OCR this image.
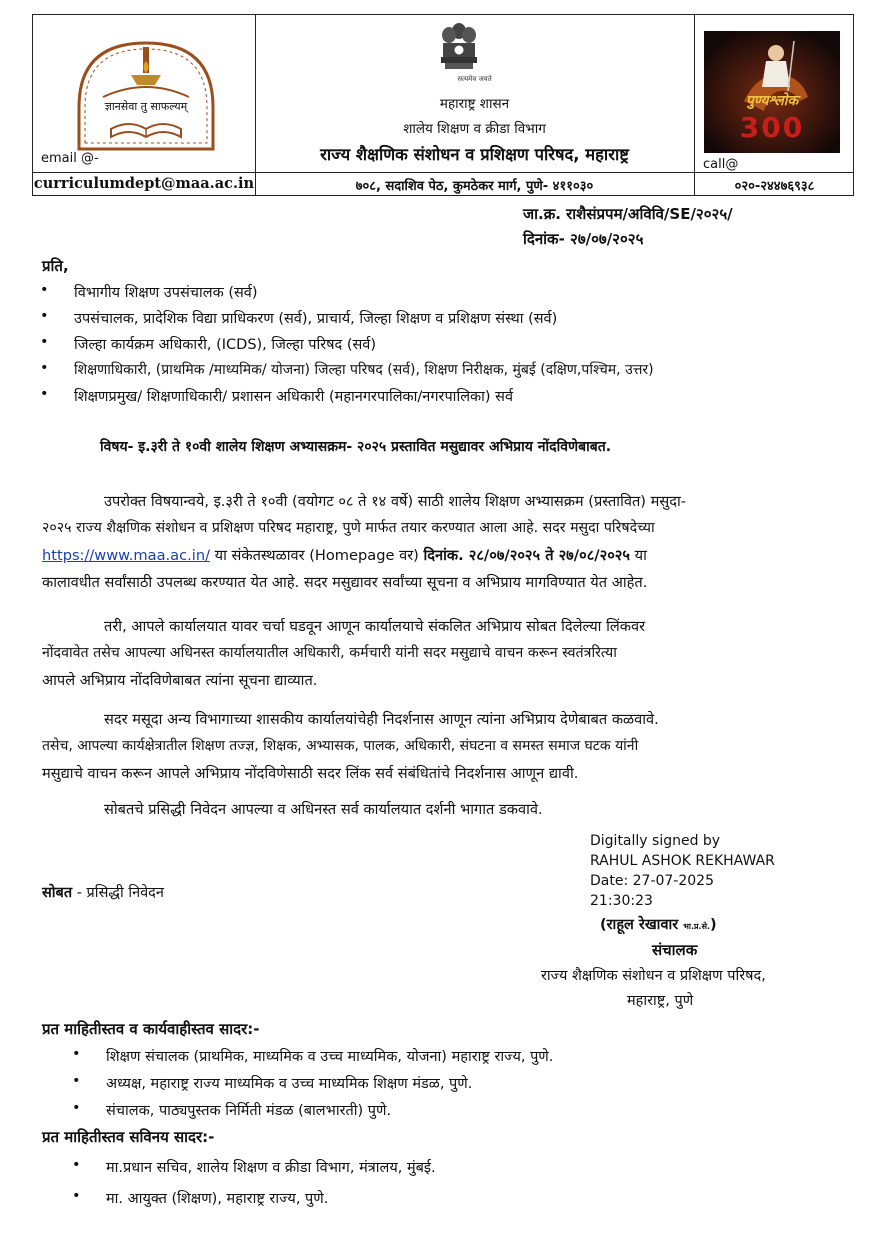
ज्ञानसेवा तु साफल्यम्
email @-
सत्यमेव जयते
महाराष्ट्र शासन
शालेय शिक्षण व क्रीडा विभाग
राज्य शैक्षणिक संशोधन व प्रशिक्षण परिषद, महाराष्ट्र
पुण्यश्लोक
300
call@
curriculumdept@maa.ac.in	७०८, सदाशिव पेठ, कुमठेकर मार्ग, पुणे- ४११०३०	०२०-२४४७६९३८
जा.क्र. राशैसंप्रपम/अविवि/SE/२०२५/
दिनांक- २७/०७/२०२५
प्रति,
• विभागीय शिक्षण उपसंचालक (सर्व)
• उपसंचालक, प्रादेशिक विद्या प्राधिकरण (सर्व), प्राचार्य, जिल्हा शिक्षण व प्रशिक्षण संस्था (सर्व)
• जिल्हा कार्यक्रम अधिकारी, (ICDS), जिल्हा परिषद (सर्व)
• शिक्षणाधिकारी, (प्राथमिक /माध्यमिक/ योजना) जिल्हा परिषद (सर्व), शिक्षण निरीक्षक, मुंबई (दक्षिण,पश्चिम, उत्तर)
• शिक्षणप्रमुख/ शिक्षणाधिकारी/ प्रशासन अधिकारी (महानगरपालिका/नगरपालिका) सर्व
विषय- इ.३री ते १०वी शालेय शिक्षण अभ्यासक्रम- २०२५ प्रस्तावित मसुद्यावर अभिप्राय नोंदविणेबाबत.
उपरोक्त विषयान्वये, इ.३री ते १०वी (वयोगट ०८ ते १४ वर्षे) साठी शालेय शिक्षण अभ्यासक्रम (प्रस्तावित) मसुदा-
२०२५ राज्य शैक्षणिक संशोधन व प्रशिक्षण परिषद महाराष्ट्र, पुणे मार्फत तयार करण्यात आला आहे. सदर मसुदा परिषदेच्या
https://www.maa.ac.in/ या संकेतस्थळावर (Homepage वर) दिनांक. २८/०७/२०२५ ते २७/०८/२०२५ या
कालावधीत सर्वांसाठी उपलब्ध करण्यात येत आहे. सदर मसुद्यावर सर्वांच्या सूचना व अभिप्राय मागविण्यात येत आहेत.
तरी, आपले कार्यालयात यावर चर्चा घडवून आणून कार्यालयाचे संकलित अभिप्राय सोबत दिलेल्या लिंकवर
नोंदवावेत तसेच आपल्या अधिनस्त कार्यालयातील अधिकारी, कर्मचारी यांनी सदर मसुद्याचे वाचन करून स्वतंत्ररित्या
आपले अभिप्राय नोंदविणेबाबत त्यांना सूचना द्याव्यात.
सदर मसूदा अन्य विभागाच्या शासकीय कार्यालयांचेही निदर्शनास आणून त्यांना अभिप्राय देणेबाबत कळवावे.
तसेच, आपल्या कार्यक्षेत्रातील शिक्षण तज्ज्ञ, शिक्षक, अभ्यासक, पालक, अधिकारी, संघटना व समस्त समाज घटक यांनी
मसुद्याचे वाचन करून आपले अभिप्राय नोंदविणेसाठी सदर लिंक सर्व संबंधितांचे निदर्शनास आणून द्यावी.
सोबतचे प्रसिद्धी निवेदन आपल्या व अधिनस्त सर्व कार्यालयात दर्शनी भागात डकवावे.
Digitally signed by
RAHUL ASHOK REKHAWAR
Date: 27-07-2025
21:30:23
सोबत - प्रसिद्धी निवेदन
(राहूल रेखावार भा.प्र.से.)
संचालक
राज्य शैक्षणिक संशोधन व प्रशिक्षण परिषद,
महाराष्ट्र, पुणे
प्रत माहितीस्तव व कार्यवाहीस्तव सादर:-
• शिक्षण संचालक (प्राथमिक, माध्यमिक व उच्च माध्यमिक, योजना) महाराष्ट्र राज्य, पुणे.
• अध्यक्ष, महाराष्ट्र राज्य माध्यमिक व उच्च माध्यमिक शिक्षण मंडळ, पुणे.
• संचालक, पाठ्यपुस्तक निर्मिती मंडळ (बालभारती) पुणे.
प्रत माहितीस्तव सविनय सादर:-
• मा.प्रधान सचिव, शालेय शिक्षण व क्रीडा विभाग, मंत्रालय, मुंबई.
• मा. आयुक्त (शिक्षण), महाराष्ट्र राज्य, पुणे.
